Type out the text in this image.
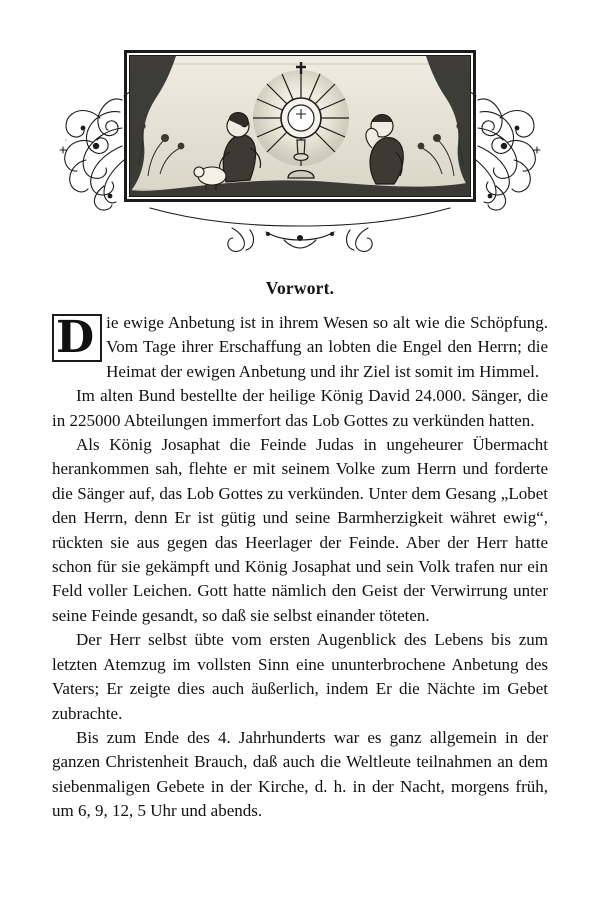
Vorwort.

D ie ewige Anbetung ist in ihrem Wesen so alt wie die Schöpfung. Vom Tage ihrer Erschaffung an lobten die Engel den Herrn; die Heimat der ewigen Anbetung und ihr Ziel ist somit im Himmel.

Im alten Bund bestellte der heilige König David 24.000. Sänger, die in 225000 Abteilungen immerfort das Lob Gottes zu verkünden hatten.

Als König Josaphat die Feinde Judas in ungeheurer Übermacht herankommen sah, flehte er mit seinem Volke zum Herrn und forderte die Sänger auf, das Lob Gottes zu verkünden. Unter dem Gesang „Lobet den Herrn, denn Er ist gütig und seine Barmherzigkeit währet ewig“, rückten sie aus gegen das Heerlager der Feinde. Aber der Herr hatte schon für sie gekämpft und König Josaphat und sein Volk trafen nur ein Feld voller Leichen. Gott hatte nämlich den Geist der Verwirrung unter seine Feinde gesandt, so daß sie selbst einander töteten.

Der Herr selbst übte vom ersten Augenblick des Lebens bis zum letzten Atemzug im vollsten Sinn eine ununterbrochene Anbetung des Vaters; Er zeigte dies auch äußerlich, indem Er die Nächte im Gebet zubrachte.

Bis zum Ende des 4. Jahrhunderts war es ganz allgemein in der ganzen Christenheit Brauch, daß auch die Weltleute teilnahmen an dem siebenmaligen Gebete in der Kirche, d. h. in der Nacht, morgens früh, um 6, 9, 12, 5 Uhr und abends.
